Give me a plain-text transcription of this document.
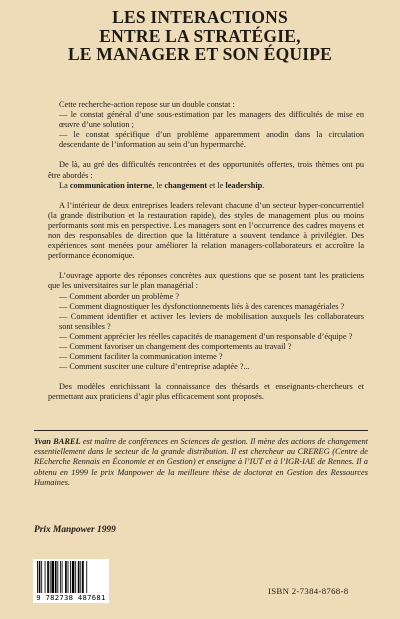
LES INTERACTIONS
ENTRE LA STRATÉGIE,
LE MANAGER ET SON ÉQUIPE

Cette recherche-action repose sur un double constat :

— le constat général d’une sous-estimation par les managers des difficultés de mise en œuvre d’une solution ;

— le constat spécifique d’un problème apparemment anodin dans la circulation descendante de l’information au sein d’un hypermarché.

De là, au gré des difficultés rencontrées et des opportunités offertes, trois thèmes ont pu être abordés :

La communication interne, le changement et le leadership.

A l’intérieur de deux entreprises leaders relevant chacune d’un secteur hyper-concurrentiel (la grande distribution et la restauration rapide), des styles de management plus ou moins performants sont mis en perspective. Les managers sont en l’occurrence des cadres moyens et non des responsables de direction que la littérature a souvent tendance à privilégier. Des expériences sont menées pour améliorer la relation managers-collaborateurs et accroître la performance économique.

L’ouvrage apporte des réponses concrètes aux questions que se posent tant les praticiens que les universitaires sur le plan managérial :

— Comment aborder un problème ?

— Comment diagnostiquer les dysfonctionnements liés à des carences managériales ?

— Comment identifier et activer les leviers de mobilisation auxquels les collaborateurs sont sensibles ?

— Comment apprécier les réelles capacités de management d’un responsable d’équipe ?

— Comment favoriser un changement des comportements au travail ?

— Comment faciliter la communication interne ?

— Comment susciter une culture d’entreprise adaptée ?...

Des modèles enrichissant la connaissance des thésards et enseignants-chercheurs et permettant aux praticiens d’agir plus efficacement sont proposés.

Yvan BAREL est maître de conférences en Sciences de gestion. Il mène des actions de changement essentiellement dans le secteur de la grande distribution. Il est chercheur au CREREG (Centre de REcherche Rennais en Économie et en Gestion) et enseigne à l’IUT et à l’IGR-IAE de Rennes. Il a obtenu en 1999 le prix Manpower de la meilleure thèse de doctorat en Gestion des Ressources Humaines.
Prix Manpower 1999
9 782738 487681
ISBN 2-7384-8768-8
